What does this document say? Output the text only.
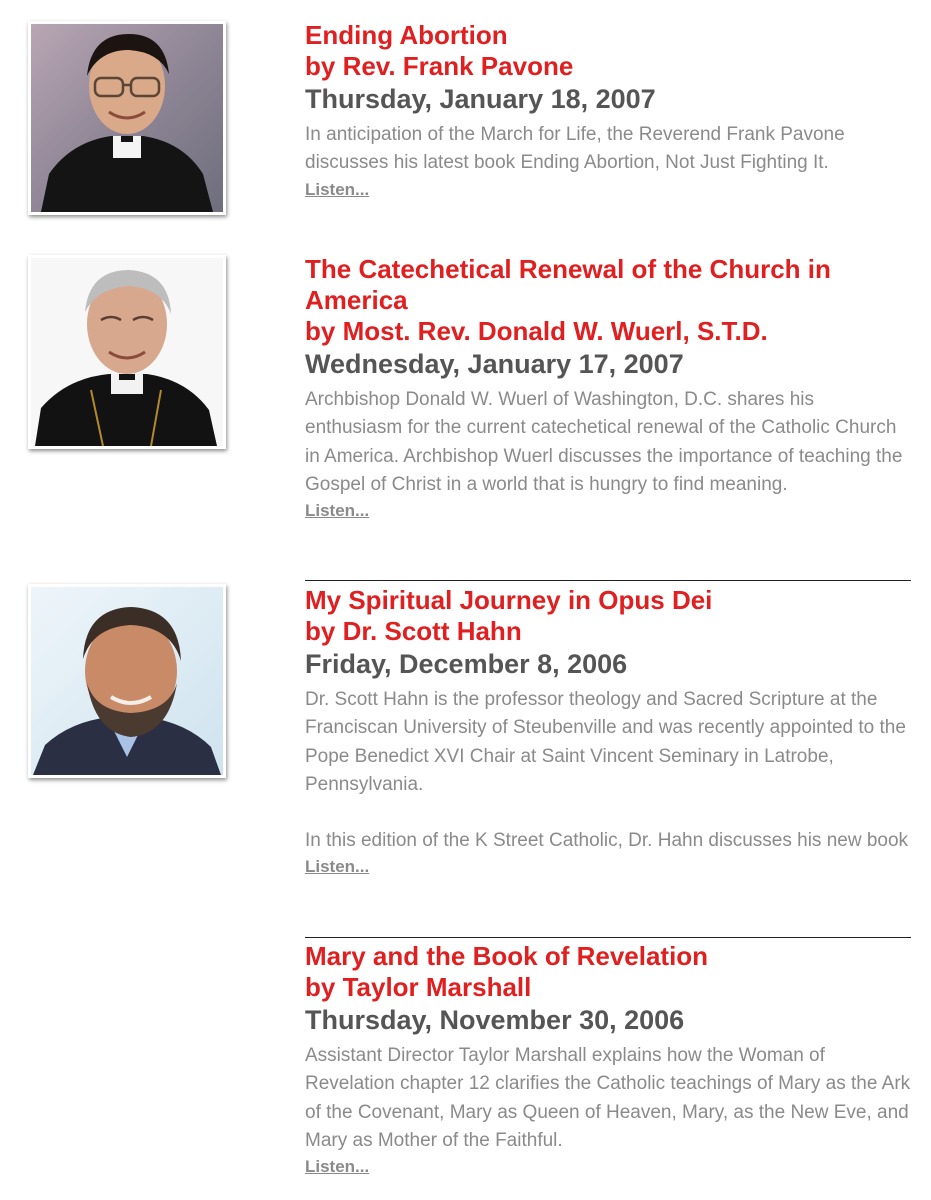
Ending Abortion
by Rev. Frank Pavone
Thursday, January 18, 2007

In anticipation of the March for Life, the Reverend Frank Pavone discusses his latest book Ending Abortion, Not Just Fighting It.

Listen...
The Catechetical Renewal of the Church in America
by Most. Rev. Donald W. Wuerl, S.T.D.
Wednesday, January 17, 2007

Archbishop Donald W. Wuerl of Washington, D.C. shares his enthusiasm for the current catechetical renewal of the Catholic Church in America. Archbishop Wuerl discusses the importance of teaching the Gospel of Christ in a world that is hungry to find meaning.

Listen...
My Spiritual Journey in Opus Dei
by Dr. Scott Hahn
Friday, December 8, 2006

Dr. Scott Hahn is the professor theology and Sacred Scripture at the Franciscan University of Steubenville and was recently appointed to the Pope Benedict XVI Chair at Saint Vincent Seminary in Latrobe, Pennsylvania.

In this edition of the K Street Catholic, Dr. Hahn discusses his new book

Listen...
Mary and the Book of Revelation
by Taylor Marshall
Thursday, November 30, 2006

Assistant Director Taylor Marshall explains how the Woman of Revelation chapter 12 clarifies the Catholic teachings of Mary as the Ark of the Covenant, Mary as Queen of Heaven, Mary, as the New Eve, and Mary as Mother of the Faithful.

Listen...
